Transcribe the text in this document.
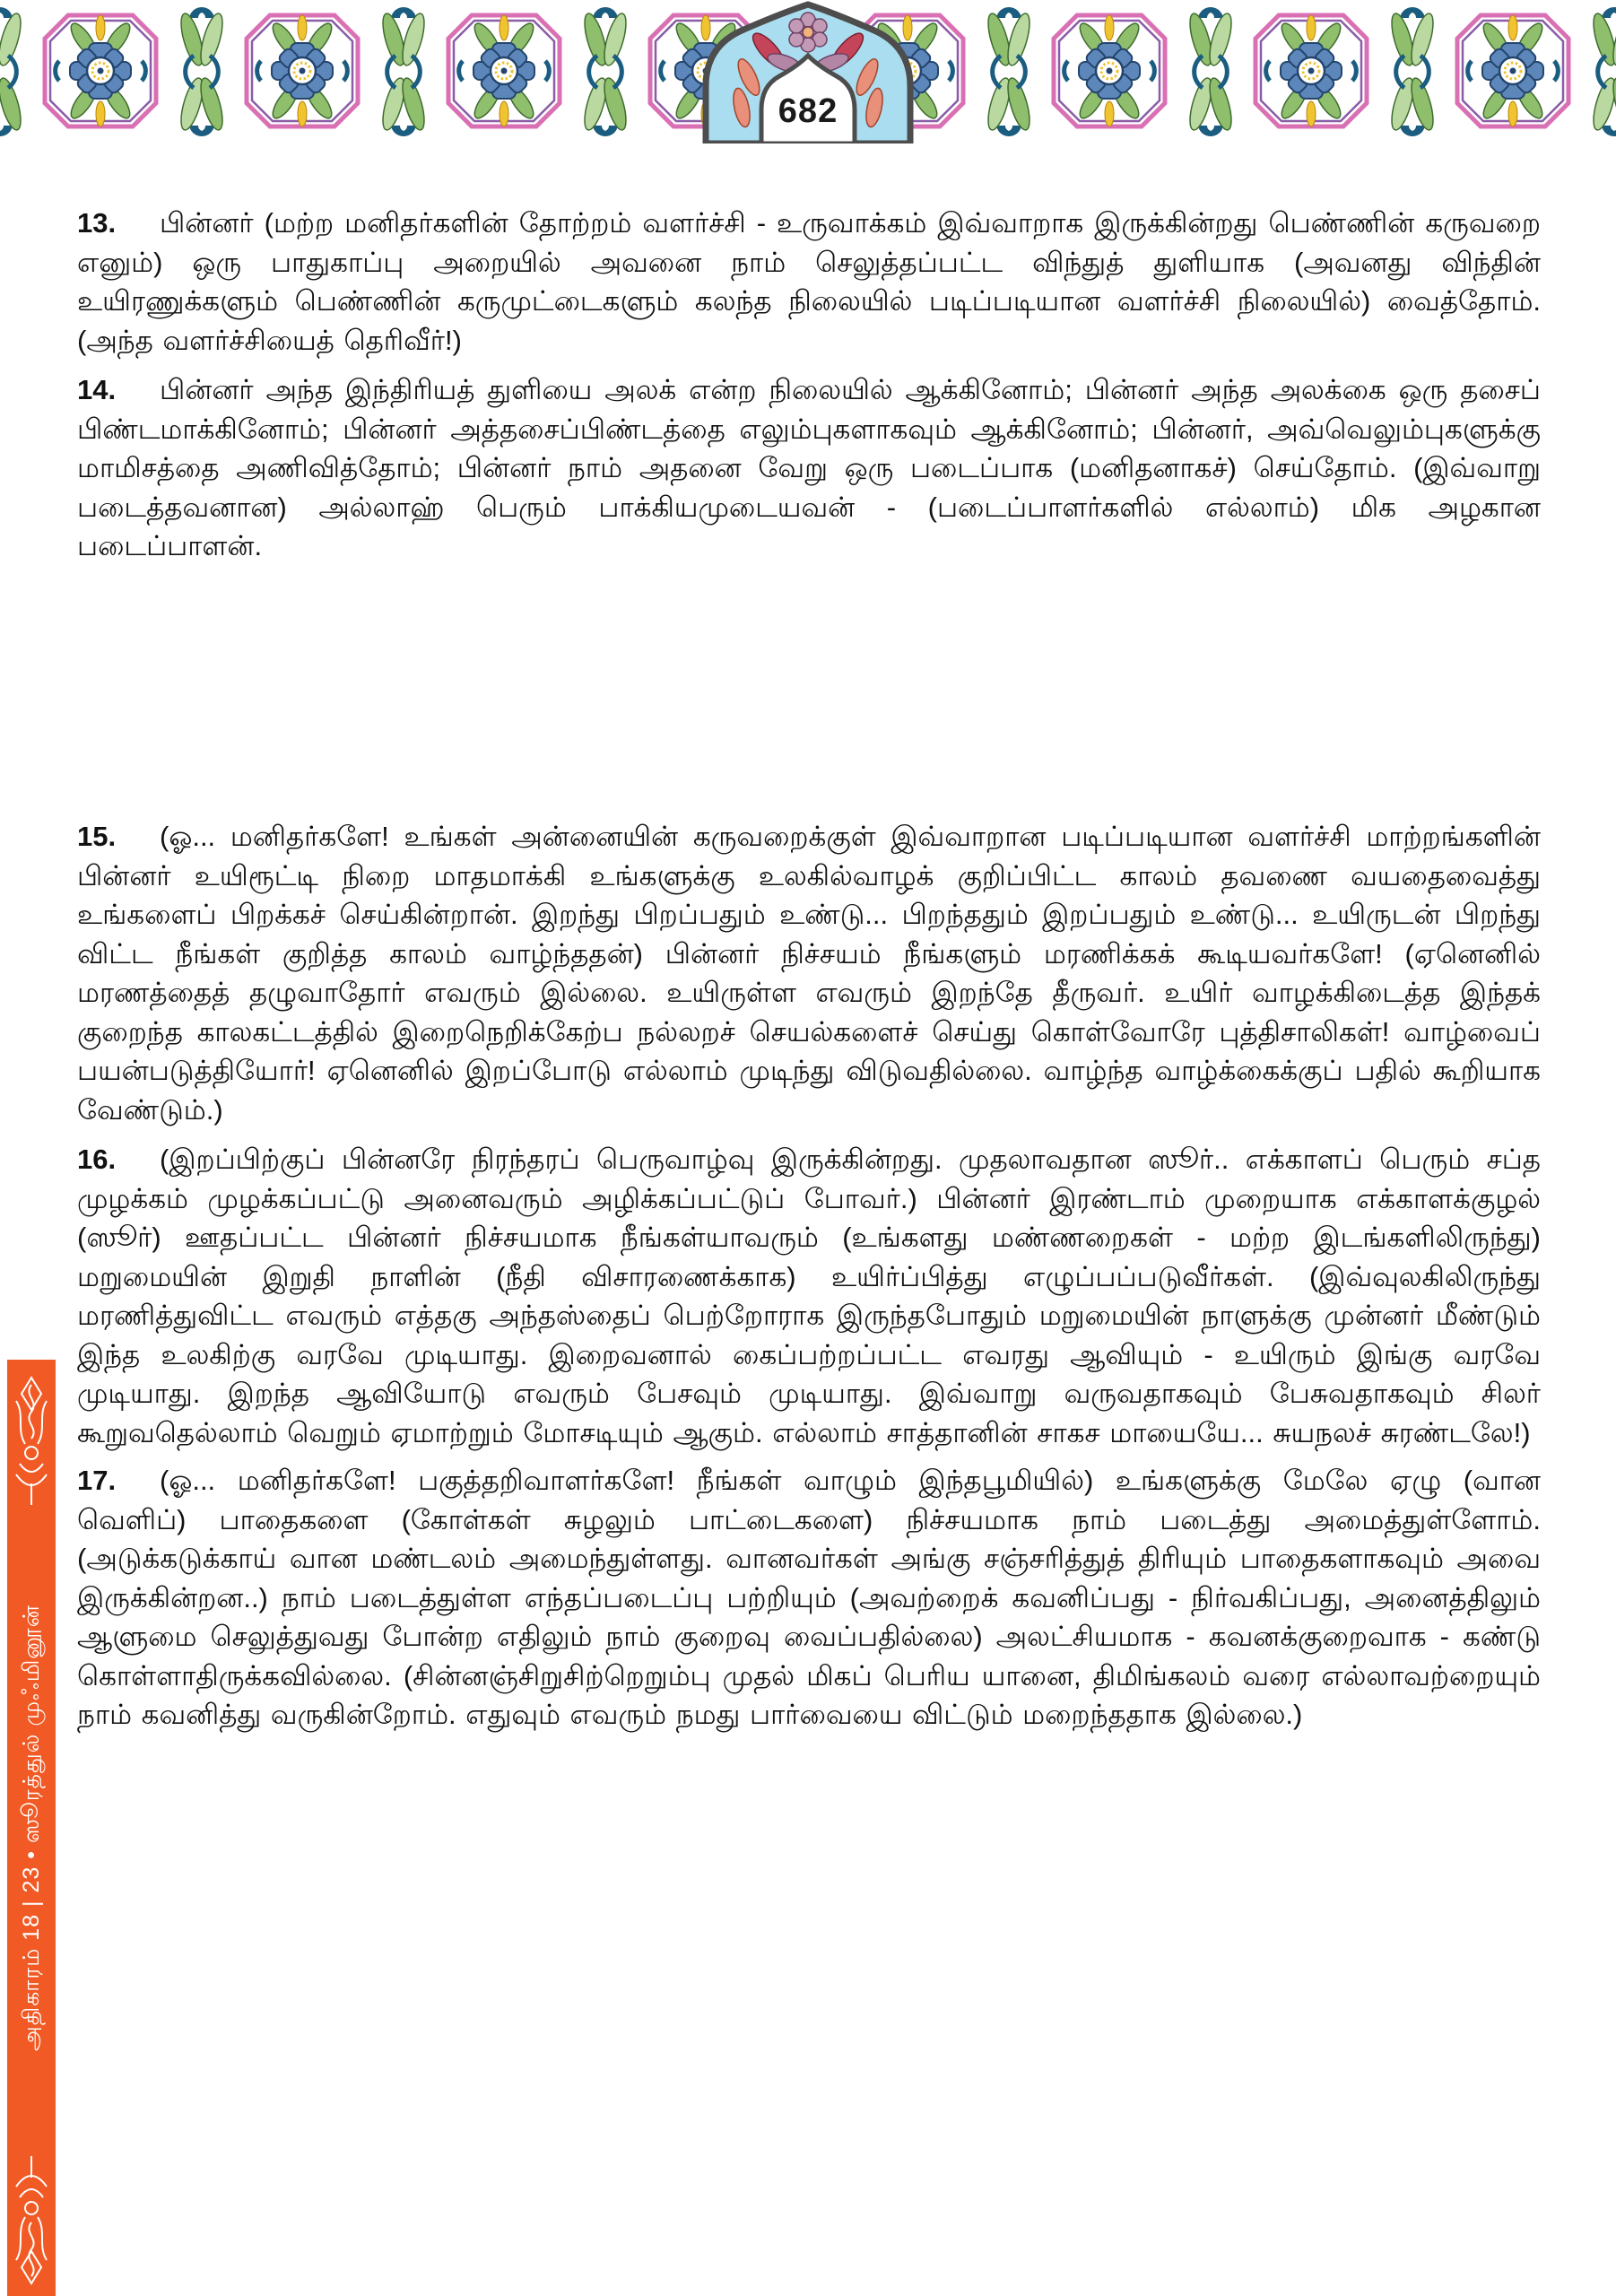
682

13. பின்னர் (மற்ற மனிதர்களின் தோற்றம் வளர்ச்சி - உருவாக்கம் இவ்வாறாக இருக்கின்றது பெண்ணின் கருவறை எனும்) ஒரு பாதுகாப்பு அறையில் அவனை நாம் செலுத்தப்பட்ட விந்துத் துளியாக (அவனது விந்தின் உயிரணுக்களும் பெண்ணின் கருமுட்டைகளும் கலந்த நிலையில் படிப்படியான வளர்ச்சி நிலையில்) வைத்தோம். (அந்த வளர்ச்சியைத் தெரிவீர்!)

14. பின்னர் அந்த இந்திரியத் துளியை அலக் என்ற நிலையில் ஆக்கினோம்; பின்னர் அந்த அலக்கை ஒரு தசைப் பிண்டமாக்கினோம்; பின்னர் அத்தசைப்பிண்டத்தை எலும்புகளாகவும் ஆக்கினோம்; பின்னர், அவ்வெலும்புகளுக்கு மாமிசத்தை அணிவித்தோம்; பின்னர் நாம் அதனை வேறு ஒரு படைப்பாக (மனிதனாகச்) செய்தோம். (இவ்வாறு படைத்தவனான) அல்லாஹ் பெரும் பாக்கியமுடையவன் - (படைப்பாளர்களில் எல்லாம்) மிக அழகான படைப்பாளன்.

15. (ஓ... மனிதர்களே! உங்கள் அன்னையின் கருவறைக்குள் இவ்வாறான படிப்படியான வளர்ச்சி மாற்றங்களின் பின்னர் உயிரூட்டி நிறை மாதமாக்கி உங்களுக்கு உலகில்வாழக் குறிப்பிட்ட காலம் தவணை வயதைவைத்து உங்களைப் பிறக்கச் செய்கின்றான். இறந்து பிறப்பதும் உண்டு... பிறந்ததும் இறப்பதும் உண்டு... உயிருடன் பிறந்து விட்ட நீங்கள் குறித்த காலம் வாழ்ந்ததன்) பின்னர் நிச்சயம் நீங்களும் மரணிக்கக் கூடியவர்களே! (ஏனெனில் மரணத்தைத் தழுவாதோர் எவரும் இல்லை. உயிருள்ள எவரும் இறந்தே தீருவர். உயிர் வாழக்கிடைத்த இந்தக் குறைந்த காலகட்டத்தில் இறைநெறிக்கேற்ப நல்லறச் செயல்களைச் செய்து கொள்வோரே புத்திசாலிகள்! வாழ்வைப் பயன்படுத்தியோர்! ஏனெனில் இறப்போடு எல்லாம் முடிந்து விடுவதில்லை. வாழ்ந்த வாழ்க்கைக்குப் பதில் கூறியாக வேண்டும்.)

16. (இறப்பிற்குப் பின்னரே நிரந்தரப் பெருவாழ்வு இருக்கின்றது. முதலாவதான ஸூர்.. எக்காளப் பெரும் சப்த முழக்கம் முழக்கப்பட்டு அனைவரும் அழிக்கப்பட்டுப் போவர்.) பின்னர் இரண்டாம் முறையாக எக்காளக்குழல் (ஸூர்) ஊதப்பட்ட பின்னர் நிச்சயமாக நீங்கள்யாவரும் (உங்களது மண்ணறைகள் - மற்ற இடங்களிலிருந்து) மறுமையின் இறுதி நாளின் (நீதி விசாரணைக்காக) உயிர்ப்பித்து எழுப்பப்படுவீர்கள். (இவ்வுலகிலிருந்து மரணித்துவிட்ட எவரும் எத்தகு அந்தஸ்தைப் பெற்றோராக இருந்தபோதும் மறுமையின் நாளுக்கு முன்னர் மீண்டும் இந்த உலகிற்கு வரவே முடியாது. இறைவனால் கைப்பற்றப்பட்ட எவரது ஆவியும் - உயிரும் இங்கு வரவே முடியாது. இறந்த ஆவியோடு எவரும் பேசவும் முடியாது. இவ்வாறு வருவதாகவும் பேசுவதாகவும் சிலர் கூறுவதெல்லாம் வெறும் ஏமாற்றும் மோசடியும் ஆகும். எல்லாம் சாத்தானின் சாகச மாயையே... சுயநலச் சுரண்டலே!)

17. (ஓ... மனிதர்களே! பகுத்தறிவாளர்களே! நீங்கள் வாழும் இந்தபூமியில்) உங்களுக்கு மேலே ஏழு (வான வெளிப்) பாதைகளை (கோள்கள் சுழலும் பாட்டைகளை) நிச்சயமாக நாம் படைத்து அமைத்துள்ளோம். (அடுக்கடுக்காய் வான மண்டலம் அமைந்துள்ளது. வானவர்கள் அங்கு சஞ்சரித்துத் திரியும் பாதைகளாகவும் அவை இருக்கின்றன..) நாம் படைத்துள்ள எந்தப்படைப்பு பற்றியும் (அவற்றைக் கவனிப்பது - நிர்வகிப்பது, அனைத்திலும் ஆளுமை செலுத்துவது போன்ற எதிலும் நாம் குறைவு வைப்பதில்லை) அலட்சியமாக - கவனக்குறைவாக - கண்டு கொள்ளாதிருக்கவில்லை. (சின்னஞ்சிறுசிற்றெறும்பு முதல் மிகப் பெரிய யானை, திமிங்கலம் வரை எல்லாவற்றையும் நாம் கவனித்து வருகின்றோம். எதுவும் எவரும் நமது பார்வையை விட்டும் மறைந்ததாக இல்லை.)

அதிகாரம் 18 | 23 • ஸூரத்துல் முஃமினூன்
